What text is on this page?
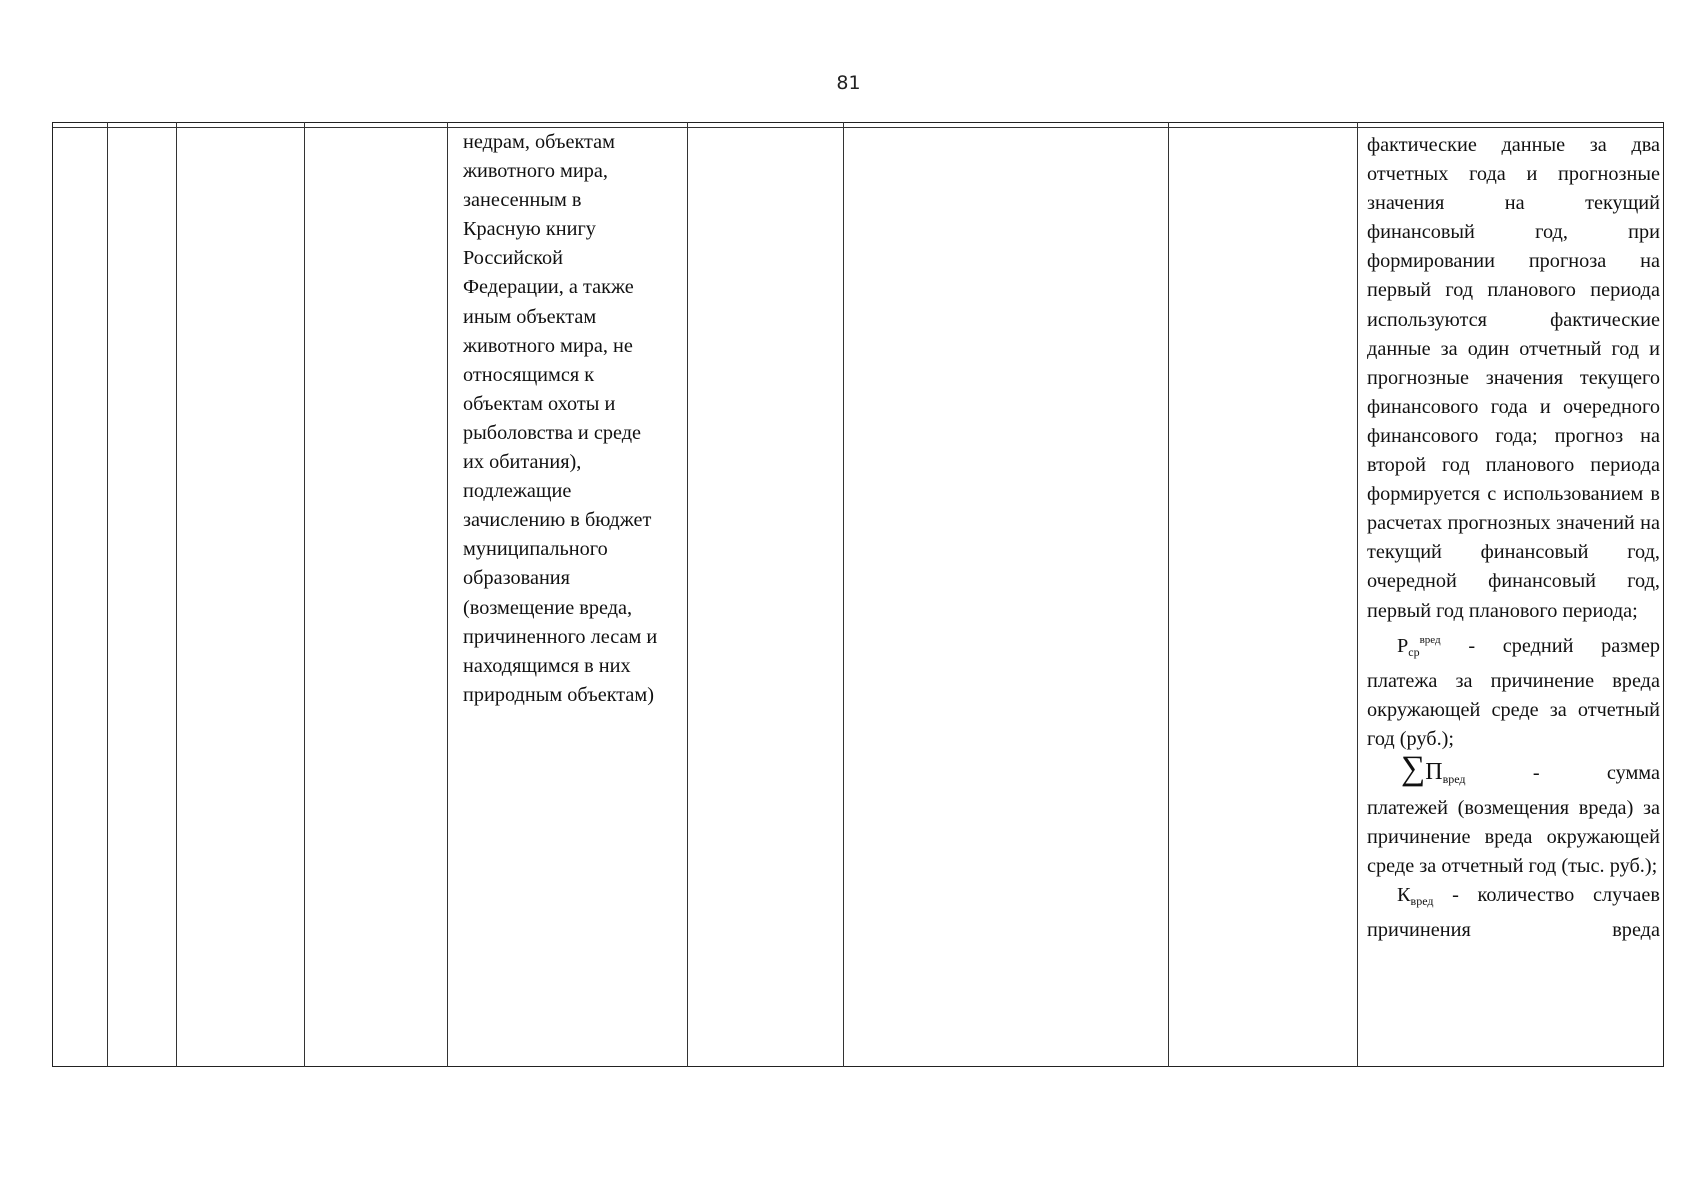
81
недрам, объектам
животного мира,
занесенным в
Красную книгу
Российской
Федерации, а также
иным объектам
животного мира, не
относящимся к
объектам охоты и
рыболовства и среде
их обитания),
подлежащие
зачислению в бюджет
муниципального
образования
(возмещение вреда,
причиненного лесам и
находящимся в них
природным объектам)

фактические данные за два отчетных года и прогнозные значения на текущий финансовый год, при формировании прогноза на первый год планового периода используются фактические данные за один отчетный год и прогнозные значения текущего финансового года и очередного финансового года; прогноз на второй год планового периода формируется с использованием в расчетах прогнозных значений на текущий финансовый год, очередной финансовый год, первый год планового периода;

$Р_{ср}^{вред}$ - средний размер платежа за причинение вреда окружающей среде за отчетный год (руб.);

$\sum П_{вред}$	-	сумма

платежей (возмещения вреда) за причинение вреда окружающей среде за отчетный год (тыс. руб.);

$К_{вред}$ - количество случаев причинения вреда
